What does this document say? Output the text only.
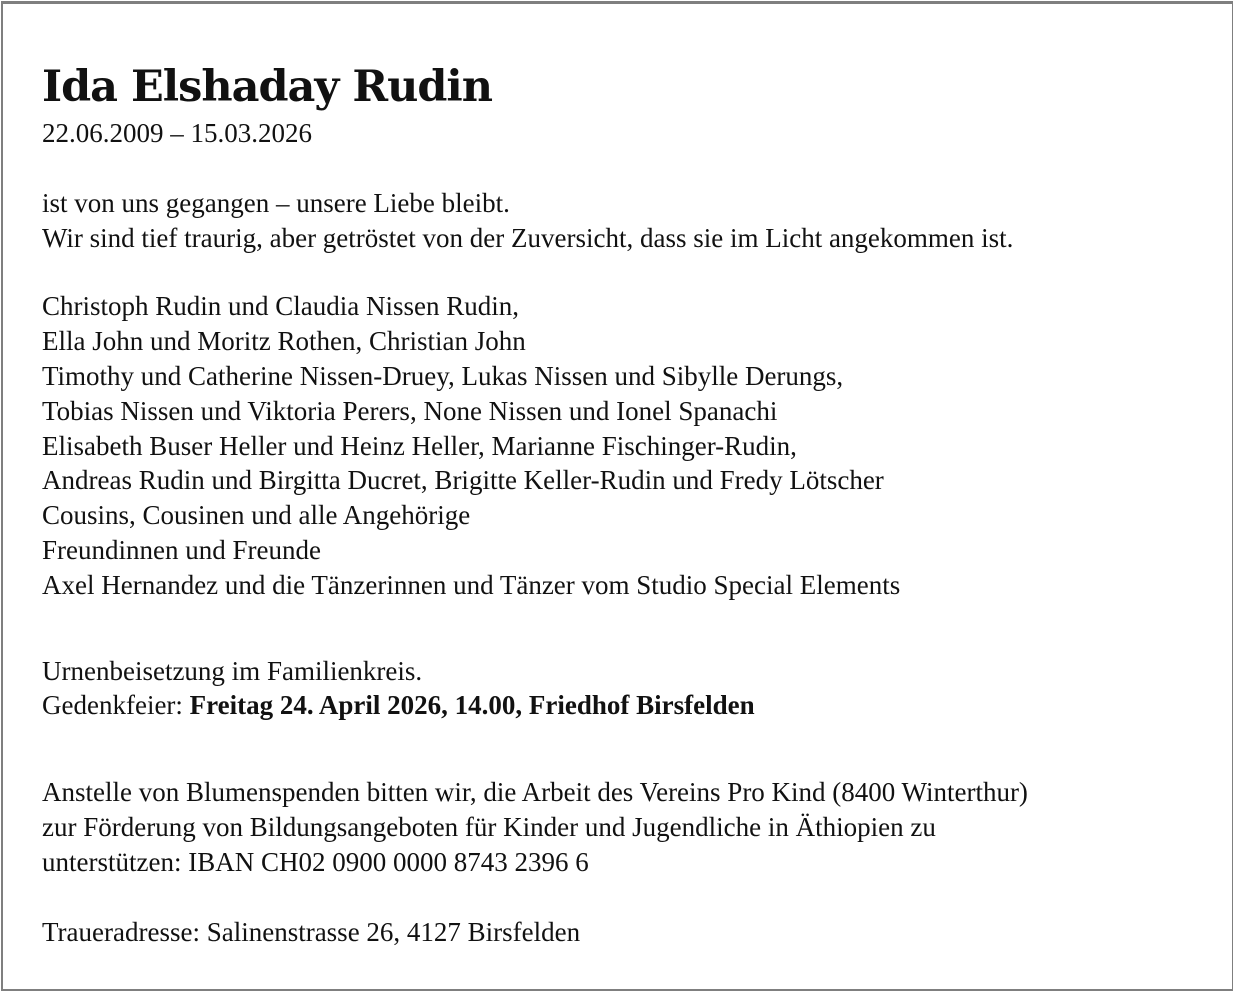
Ida Elshaday Rudin

22.06.2009 – 15.03.2026

ist von uns gegangen – unsere Liebe bleibt.

Wir sind tief traurig, aber getröstet von der Zuversicht, dass sie im Licht angekommen ist.

Christoph Rudin und Claudia Nissen Rudin,

Ella John und Moritz Rothen, Christian John

Timothy und Catherine Nissen-Druey, Lukas Nissen und Sibylle Derungs,

Tobias Nissen und Viktoria Perers, None Nissen und Ionel Spanachi

Elisabeth Buser Heller und Heinz Heller, Marianne Fischinger-Rudin,

Andreas Rudin und Birgitta Ducret, Brigitte Keller-Rudin und Fredy Lötscher

Cousins, Cousinen und alle Angehörige

Freundinnen und Freunde

Axel Hernandez und die Tänzerinnen und Tänzer vom Studio Special Elements

Urnenbeisetzung im Familienkreis.

Gedenkfeier: Freitag 24. April 2026, 14.00, Friedhof Birsfelden

Anstelle von Blumenspenden bitten wir, die Arbeit des Vereins Pro Kind (8400 Winterthur)

zur Förderung von Bildungsangeboten für Kinder und Jugendliche in Äthiopien zu

unterstützen: IBAN CH02 0900 0000 8743 2396 6

Traueradresse: Salinenstrasse 26, 4127 Birsfelden
